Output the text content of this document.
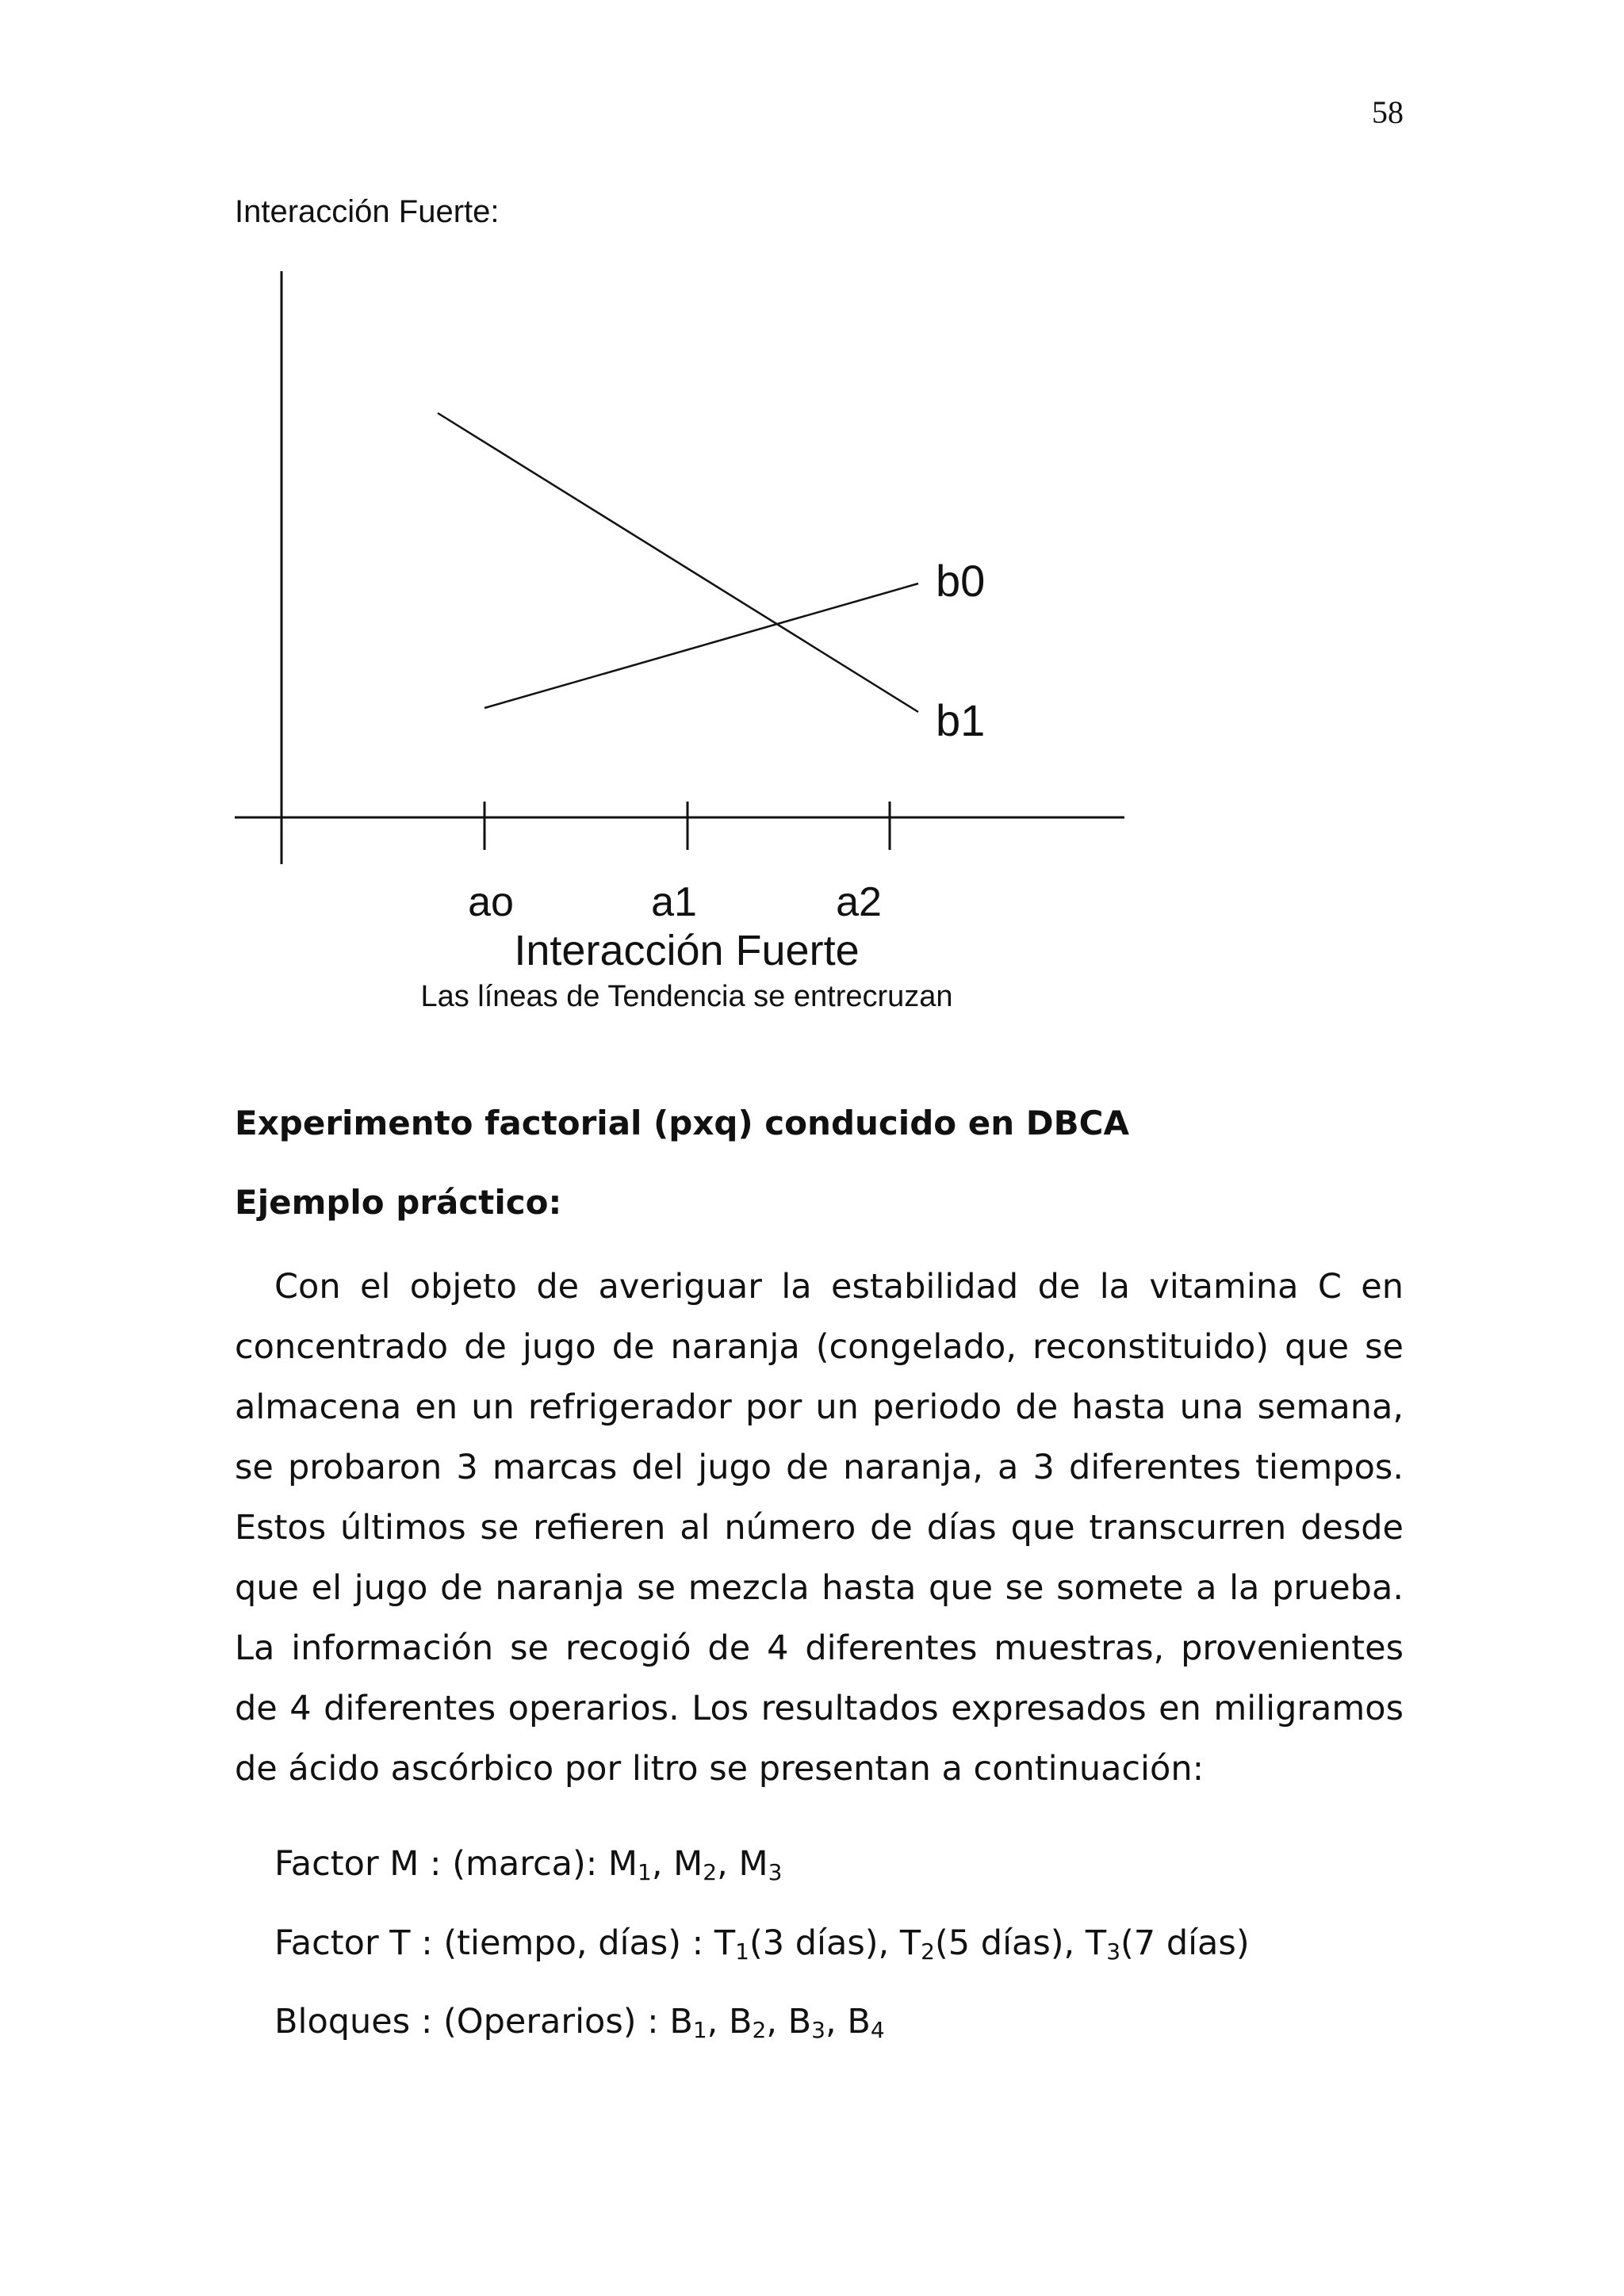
58
Interacción Fuerte:
b0
b1
ao	a1	a2
Interacción Fuerte
Las líneas de Tendencia se entrecruzan
Experimento factorial (pxq) conducido en DBCA
Ejemplo práctico:

Con el objeto de averiguar la estabilidad de la vitamina C en concentrado de jugo de naranja (congelado, reconstituido) que se almacena en un refrigerador por un periodo de hasta una semana, se probaron 3 marcas del jugo de naranja, a 3 diferentes tiempos. Estos últimos se refieren al número de días que transcurren desde que el jugo de naranja se mezcla hasta que se somete a la prueba. La información se recogió de 4 diferentes muestras, provenientes de 4 diferentes operarios. Los resultados expresados en miligramos de ácido ascórbico por litro se presentan a continuación:

Factor M : (marca): $M_1$, $M_2$, $M_3$
Factor T : (tiempo, días) : $T_1(3$ días), $T_2(5$ días), $T_3(7$ días)
Bloques : (Operarios) : $B_1$, $B_2$, $B_3$, $B_4$
